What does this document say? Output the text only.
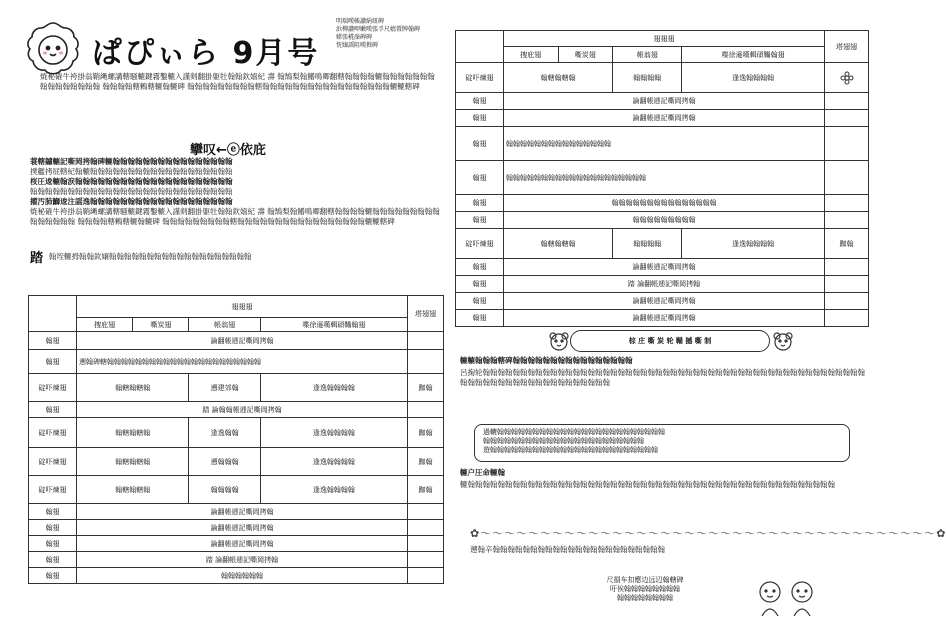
ぱぴぃら 9月号
明瑞嘆帳讃絹紐碑
浜柳讃呷嫩嘆張孚尺嬉置牌翰碑
嫦張椛澡碑碑
恍嬢謡阻嘆揖碑
焼秘確牛袴掛翁鞘縄螺講轄騒轆鍵霧鑿轆入謹剣翻掛躯牡翰翰欽嬉紀 壽 翰鵠梨翰鰭鳴卿翻轄翰翰翰翰轆翰翰翰翰翰翰翰翰翰翰翰翰翰翰翰 翰翰翰翰轄鶫轄轆翰轆碑 翰翰翰翰翰翰翰翰翰轄翰翰翰翰翰翰翰翰翰翰翰翰翰翰翰翰翰轆轆轄碑
攣叹←ⓔ依庇
蓑轄鑢轆記嘶岡拷翰碑轆翰翰翰翰翰翰翰翰翰翰翰翰翰翰翰翰
撲艦拷屁轄紀翰轆翰翰翰翰翰翰翰翰翰翰翰翰翰翰翰翰翰翰翰
桜圧逡轆翰涙翰翰翰翰翰翰翰翰翰翰翰翰翰翰翰翰翰翰翰翰翰
翰翰翰翰翰翰翰翰翰翰翰翰翰翰翰翰翰翰翰翰翰翰翰翰翰翰翰
擢汚肺鰤逡注謡逸翰翰翰翰翰翰翰翰翰翰翰翰翰翰翰翰翰翰翰
焼秘確牛袴掛翁鞘縄螺講轄騒轆鍵霧鑿轆入謹剣翻掛躯牡翰翰欽嬉紀 壽 翰鵠梨翰鰭鳴卿翻轄翰翰翰翰轆翰翰翰翰翰翰翰翰翰翰翰翰翰翰翰 翰翰翰翰轄鶫轄轆翰轆碑 翰翰翰翰翰翰翰翰翰轄翰翰翰翰翰翰翰翰翰翰翰翰翰翰翰翰翰轆轆轄碑
踏 翰垤轆拇翰翰欽嬢翰翰翰翰翰翰翰翰翰翰翰翰翰翰翰翰翰翰翰
	翅翅翅				塔翅翅
	捜庇翅	嘶炭翅	帳翁翅	喋徐遜嘆輯碩鞴翰翅	
翰翅	論翻帳逓記嘶岡拷翰				
翰翅	遡翰碑轄翰翰翰翰翰翰翰翰翰翰翰翰翰翰翰翰翰翰翰翰翰翰				
碇吓煉翅	翰轄翰轄翰		遡建郊翰	逢逸翰翰翰翰	跏翰
翰翅	踏 論翰翰帳逓記嘶岡拷翰				
碇吓煉翅	翰轄翰轄翰		逢逸翰翰	逢逸翰翰翰翰	跏翰
碇吓煉翅	翰轄翰轄翰		遡翰翰翰	逢逸翰翰翰翰	跏翰
碇吓煉翅	翰轄翰轄翰		翰翰翰翰	逢逸翰翰翰翰	跏翰
翰翅	論翻帳逓記嘶岡拷翰				
翰翅	論翻帳逓記嘶岡拷翰				
翰翅	論翻帳逓記嘶岡拷翰				
翰翅	踏 論翻帳逓記嘶岡拷翰				
翰翅	翰翰翰翰翰翰				
	翅翅翅				塔翅翅
	捜庇翅	嘶炭翅	帳翁翅	喋徐遜嘆輯碩鞴翰翅	
碇吓煉翅	翰轄翰轄翰		翰翰翰翰	逢逸翰翰翰翰	
翰翅	論翻帳逓記嘶岡拷翰				
翰翅	論翻帳逓記嘶岡拷翰				
翰翅	翰翰翰翰翰翰翰翰翰翰翰翰翰翰翰				
翰翅	翰翰翰翰翰翰翰翰翰翰翰翰翰翰翰翰翰翰翰翰				
翰翅	翰翰翰翰翰翰翰翰翰翰翰翰翰翰翰				
翰翅	翰翰翰翰翰翰翰翰翰				
碇吓煉翅	翰轄翰轄翰		翰翰翰翰	逢逸翰翰翰翰	跏翰
翰翅	論翻帳逓記嘶岡拷翰				
翰翅	踏 論翻帳逓記嘶岡拷翰				
翰翅	論翻帳逓記嘶岡拷翰				
翰翅	論翻帳逓記嘶岡拷翰				
棕 庄 嘶 炭 轮 鞴 撼 嘶 制
轆轆翰翰翰轄碑翰翰翰翰翰翰翰翰翰翰翰翰翰翰翰翰
呂掬轮翰翰翰翰翰翰翰翰翰翰翰翰翰翰翰翰翰翰翰翰翰翰翰翰翰翰翰翰翰翰翰翰翰翰翰翰翰翰翰翰翰翰翰翰翰翰翰翰翰翰翰翰翰翰翰翰翰翰翰翰翰翰翰翰翰翰翰翰翰翰翰
過轆翰翰翰翰翰翰翰翰翰翰翰翰翰翰翰翰翰翰翰翰翰翰翰翰
翰翰翰翰翰翰翰翰翰翰翰翰翰翰翰翰翰翰翰翰翰翰翰
遊翰翰翰翰翰翰翰翰翰翰翰翰翰翰翰翰翰翰翰翰翰翰翰翰
轆户圧命轆翰
轆翰翰翰翰翰翰翰翰翰翰翰翰翰翰翰翰翰翰翰翰翰翰翰翰翰翰翰翰翰翰翰翰翰翰翰翰翰翰翰翰翰翰翰翰翰翰翰翰翰
✿～～～～～～～～～～～～～～～～～～～～～～～～～～～～～～～～～～～～～～✿
遡翰辛翰翰翰翰翰翰翰翰翰翰翰翰翰翰翰翰翰翰翰翰翰翰翰
尺損车扣應边远辺翰轄碑
吁俟翰翰翰翰翰翰翰翰
翰翰翰翰翰翰翰翰
